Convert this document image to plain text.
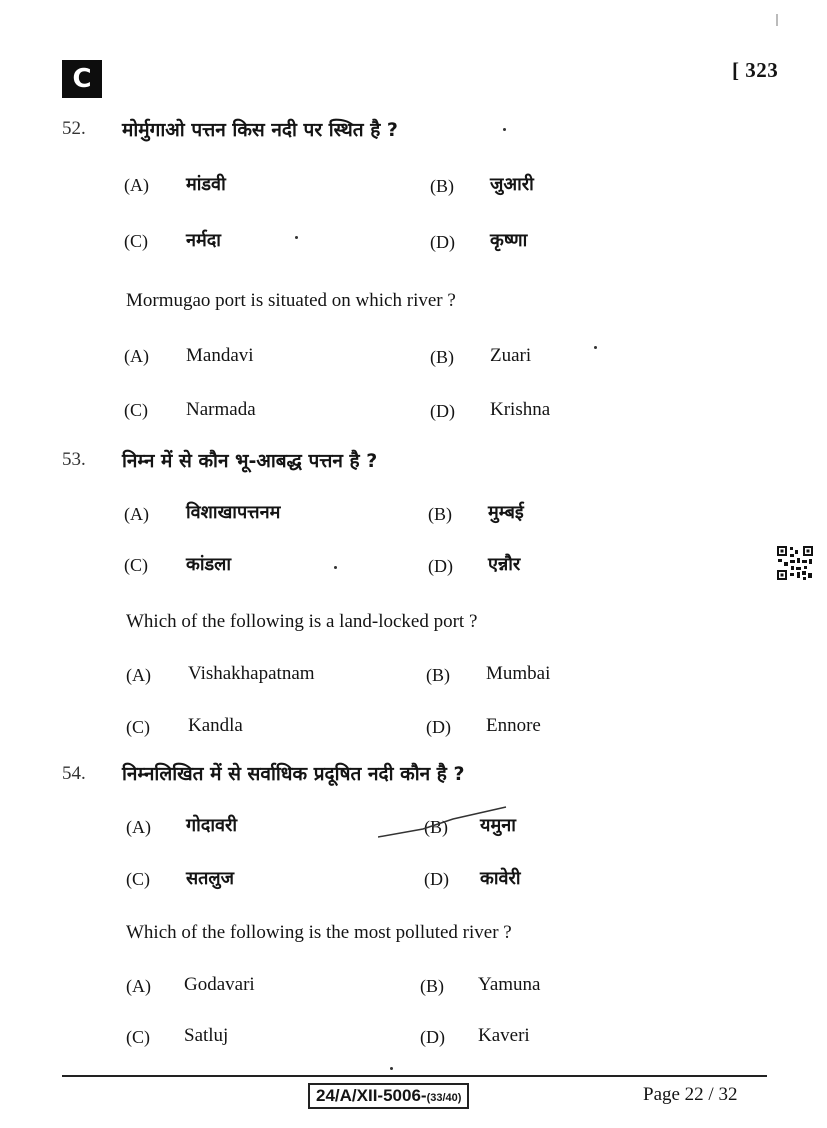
C	[ 323
52. मोर्मुगाओ पत्तन किस नदी पर स्थित है ?
(A) मांडवी	(B) जुआरी
(C) नर्मदा	(D) कृष्णा
Mormugao port is situated on which river ?
(A) Mandavi	(B) Zuari
(C) Narmada	(D) Krishna
53. निम्न में से कौन भू-आबद्ध पत्तन है ?
(A) विशाखापत्तनम	(B) मुम्बई
(C) कांडला	(D) एन्नौर
Which of the following is a land-locked port ?
(A) Vishakhapatnam	(B) Mumbai
(C) Kandla	(D) Ennore
54. निम्नलिखित में से सर्वाधिक प्रदूषित नदी कौन है ?
(A) गोदावरी	(B) यमुना
(C) सतलुज	(D) कावेरी
Which of the following is the most polluted river ?
(A) Godavari	(B) Yamuna
(C) Satluj	(D) Kaveri
24/A/XII-5006-(33/40)	Page 22 / 32
